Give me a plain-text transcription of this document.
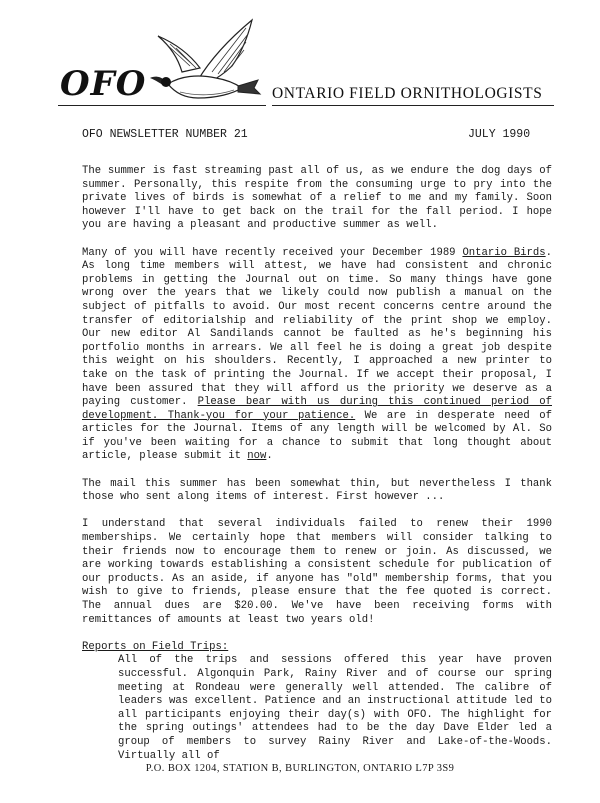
OFO	ONTARIO FIELD ORNITHOLOGISTS
OFO NEWSLETTER NUMBER 21	JULY 1990

The summer is fast streaming past all of us, as we endure the dog days of summer. Personally, this respite from the consuming urge to pry into the private lives of birds is somewhat of a relief to me and my family. Soon however I'll have to get back on the trail for the fall period. I hope you are having a pleasant and productive summer as well.

Many of you will have recently received your December 1989 Ontario Birds. As long time members will attest, we have had consistent and chronic problems in getting the Journal out on time. So many things have gone wrong over the years that we likely could now publish a manual on the subject of pitfalls to avoid. Our most recent concerns centre around the transfer of editorialship and reliability of the print shop we employ. Our new editor Al Sandilands cannot be faulted as he's beginning his portfolio months in arrears. We all feel he is doing a great job despite this weight on his shoulders. Recently, I approached a new printer to take on the task of printing the Journal. If we accept their proposal, I have been assured that they will afford us the priority we deserve as a paying customer. Please bear with us during this continued period of development. Thank-you for your patience. We are in desperate need of articles for the Journal. Items of any length will be welcomed by Al. So if you've been waiting for a chance to submit that long thought about article, please submit it now.

The mail this summer has been somewhat thin, but nevertheless I thank those who sent along items of interest. First however ...

I understand that several individuals failed to renew their 1990 memberships. We certainly hope that members will consider talking to their friends now to encourage them to renew or join. As discussed, we are working towards establishing a consistent schedule for publication of our products. As an aside, if anyone has "old" membership forms, that you wish to give to friends, please ensure that the fee quoted is correct. The annual dues are $20.00. We've have been receiving forms with remittances of amounts at least two years old!

Reports on Field Trips:

All of the trips and sessions offered this year have proven successful. Algonquin Park, Rainy River and of course our spring meeting at Rondeau were generally well attended. The calibre of leaders was excellent. Patience and an instructional attitude led to all participants enjoying their day(s) with OFO. The highlight for the spring outings' attendees had to be the day Dave Elder led a group of members to survey Rainy River and Lake-of-the-Woods. Virtually all of

P.O. BOX 1204, STATION B, BURLINGTON, ONTARIO L7P 3S9
